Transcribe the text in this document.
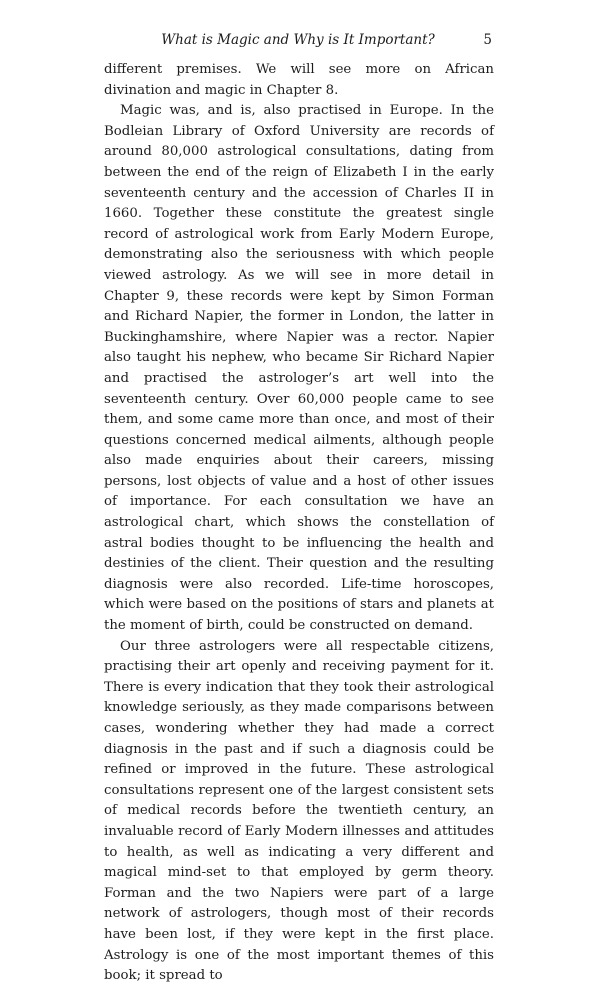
What is Magic and Why is It Important?	5

different premises. We will see more on African divination and magic in Chapter 8.

Magic was, and is, also practised in Europe. In the Bodleian Library of Oxford University are records of around 80,000 astrological consultations, dating from between the end of the reign of Elizabeth I in the early seventeenth century and the accession of Charles II in 1660. Together these constitute the greatest single record of astrological work from Early Modern Europe, demonstrating also the seriousness with which people viewed astrology. As we will see in more detail in Chapter 9, these records were kept by Simon Forman and Richard Napier, the former in London, the latter in Buckinghamshire, where Napier was a rector. Napier also taught his nephew, who became Sir Richard Napier and practised the astrologer’s art well into the seventeenth century. Over 60,000 people came to see them, and some came more than once, and most of their questions concerned medical ailments, although people also made enquiries about their careers, missing persons, lost objects of value and a host of other issues of importance. For each consultation we have an astrological chart, which shows the constellation of astral bodies thought to be influencing the health and destinies of the client. Their question and the resulting diagnosis were also recorded. Life-time horoscopes, which were based on the positions of stars and planets at the moment of birth, could be constructed on demand.

Our three astrologers were all respectable citizens, practising their art openly and receiving payment for it. There is every indication that they took their astrological knowledge seriously, as they made comparisons between cases, wondering whether they had made a correct diagnosis in the past and if such a diagnosis could be refined or improved in the future. These astrological consultations represent one of the largest consistent sets of medical records before the twentieth century, an invaluable record of Early Modern illnesses and attitudes to health, as well as indicating a very different and magical mind-set to that employed by germ theory. Forman and the two Napiers were part of a large network of astrologers, though most of their records have been lost, if they were kept in the first place. Astrology is one of the most important themes of this book; it spread to
